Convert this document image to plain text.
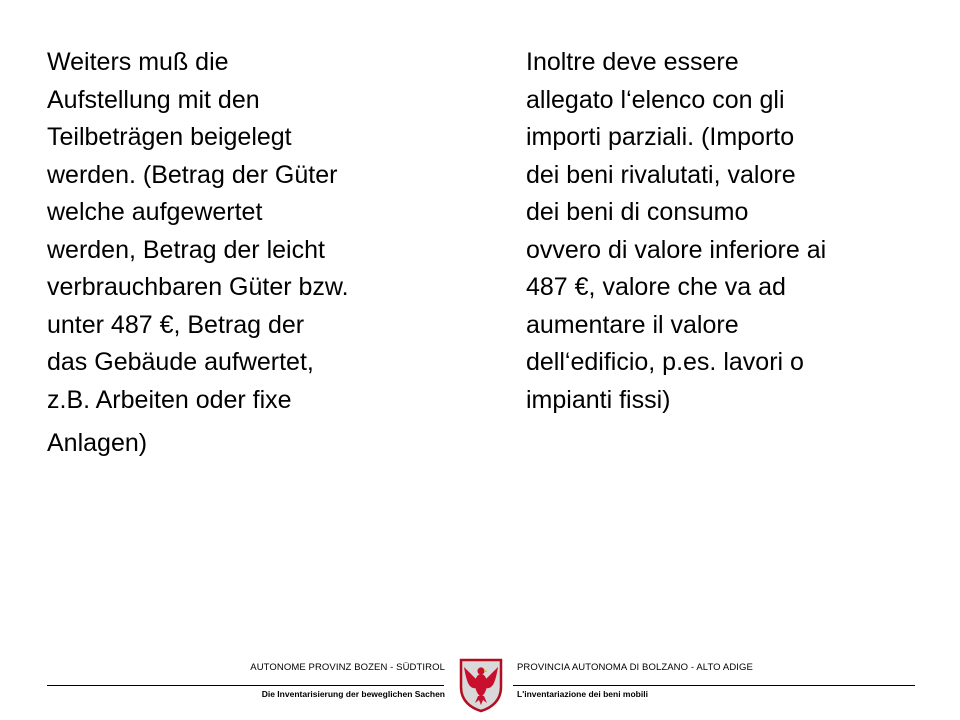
Weiters muß die
Aufstellung mit den
Teilbeträgen beigelegt
werden. (Betrag der Güter
welche aufgewertet
werden, Betrag der leicht
verbrauchbaren Güter bzw.
unter 487 €, Betrag der
das Gebäude aufwertet,
z.B. Arbeiten oder fixe
Anlagen)
Inoltre deve essere
allegato l‘elenco con gli
importi parziali. (Importo
dei beni rivalutati, valore
dei beni di consumo
ovvero di valore inferiore ai
487 €, valore che va ad
aumentare il valore
dell‘edificio, p.es. lavori o
impianti fissi)
AUTONOME PROVINZ BOZEN - SÜDTIROL	PROVINCIA AUTONOMA DI BOLZANO - ALTO ADIGE
Die Inventarisierung der beweglichen Sachen	L'inventariazione dei beni mobili
